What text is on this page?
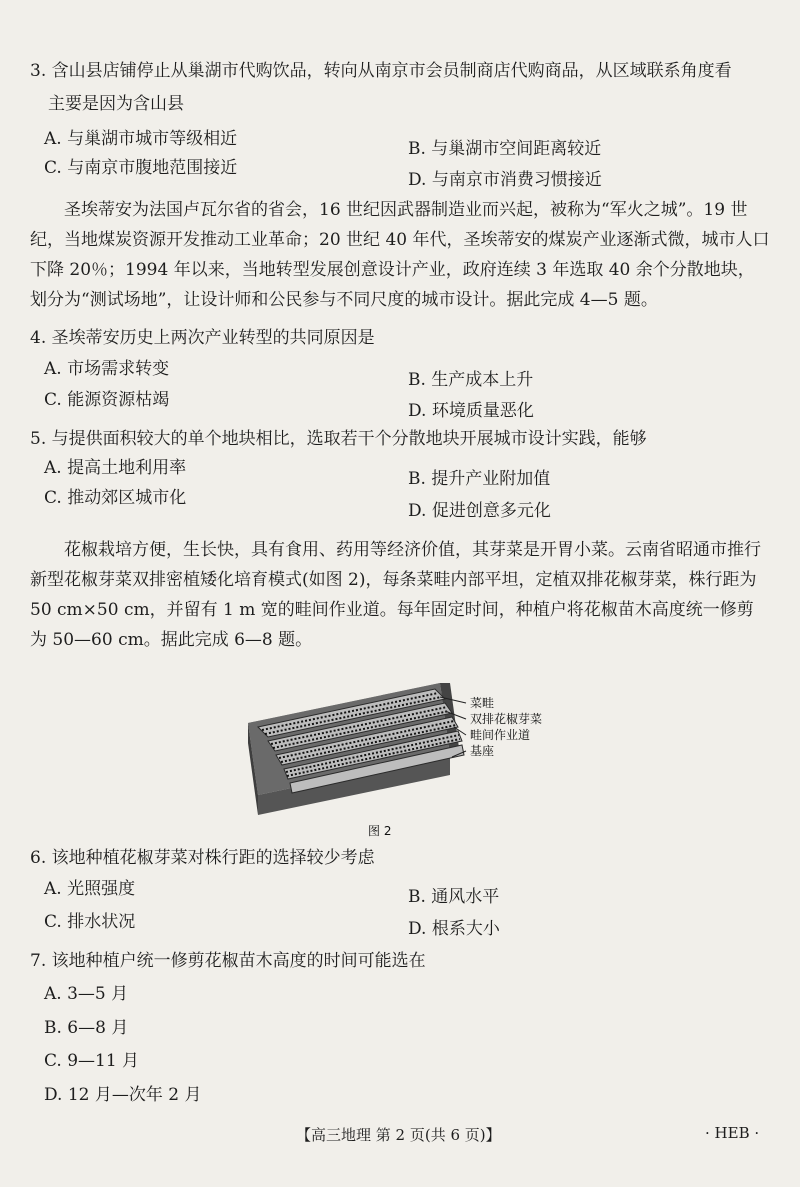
3. 含山县店铺停止从巢湖市代购饮品，转向从南京市会员制商店代购商品，从区域联系角度看
主要是因为含山县
A. 与巢湖市城市等级相近	B. 与巢湖市空间距离较近
C. 与南京市腹地范围接近
D. 与南京市消费习惯接近
圣埃蒂安为法国卢瓦尔省的省会，16 世纪因武器制造业而兴起，被称为“军火之城”。19 世纪，当地煤炭资源开发推动工业革命；20 世纪 40 年代，圣埃蒂安的煤炭产业逐渐式微，城市人口下降 20％；1994 年以来，当地转型发展创意设计产业，政府连续 3 年选取 40 余个分散地块，划分为“测试场地”，让设计师和公民参与不同尺度的城市设计。据此完成 4—5 题。
4. 圣埃蒂安历史上两次产业转型的共同原因是
A. 市场需求转变
B. 生产成本上升
C. 能源资源枯竭
D. 环境质量恶化
5. 与提供面积较大的单个地块相比，选取若干个分散地块开展城市设计实践，能够
A. 提高土地利用率
B. 提升产业附加值
C. 推动郊区城市化
D. 促进创意多元化
花椒栽培方便，生长快，具有食用、药用等经济价值，其芽菜是开胃小菜。云南省昭通市推行新型花椒芽菜双排密植矮化培育模式(如图 2)，每条菜畦内部平坦，定植双排花椒芽菜，株行距为 50 cm×50 cm，并留有 1 m 宽的畦间作业道。每年固定时间，种植户将花椒苗木高度统一修剪为 50—60 cm。据此完成 6—8 题。
菜畦
双排花椒芽菜
畦间作业道
基座
图 2
6. 该地种植花椒芽菜对株行距的选择较少考虑
A. 光照强度	B. 通风水平
C. 排水状况	D. 根系大小
7. 该地种植户统一修剪花椒苗木高度的时间可能选在
A. 3—5 月
B. 6—8 月
C. 9—11 月
D. 12 月—次年 2 月
【高三地理 第 2 页(共 6 页)】	· HEB ·
